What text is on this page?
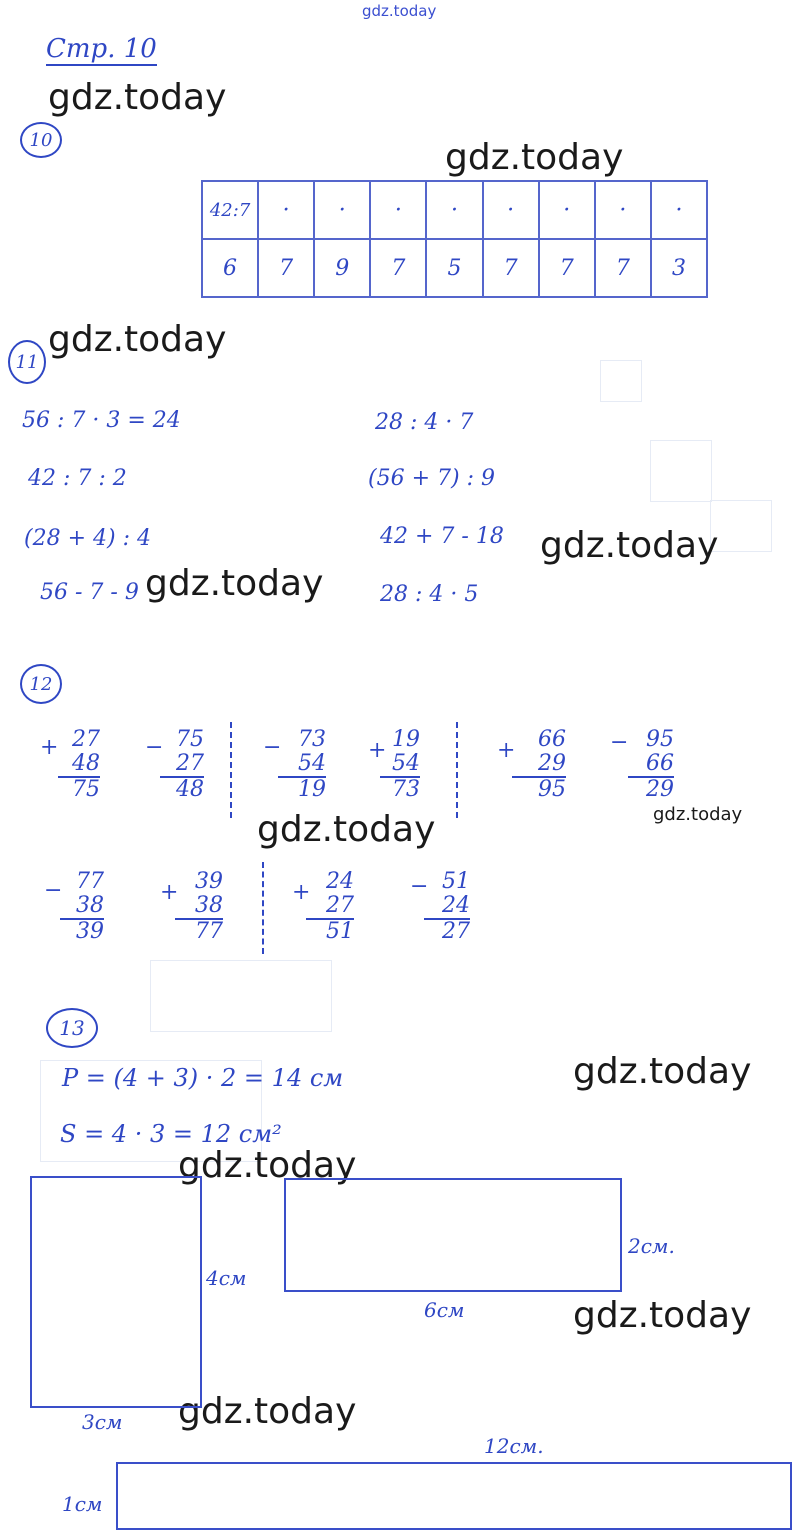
gdz.today
Стр. 10
gdz.today
gdz.today
gdz.today
gdz.today
gdz.today
gdz.today	gdz.today
gdz.today
gdz.today
gdz.today
gdz.today
10
42:7	·	·	·	·	·	·	·	·
6	7	9	7	5	7	7	7	3
11
56 : 7 · 3 = 24
42 : 7 : 2
(28 + 4) : 4
56 - 7 - 9
28 : 4 · 7
(56 + 7) : 9
42 + 7 - 18
28 : 4 · 5
12
+ 27
48
75
− 75
27
48
− 73
54
19
+ 19
54
73
+	66
29
95
− 95
66
29
− 77
38
39
+ 39
38
77
+ 24
27
51
− 51
24
27
13
P = (4 + 3) · 2 = 14 см
S = 4 · 3 = 12 см²
4см
3см
2см.
6см
12см.
1см
